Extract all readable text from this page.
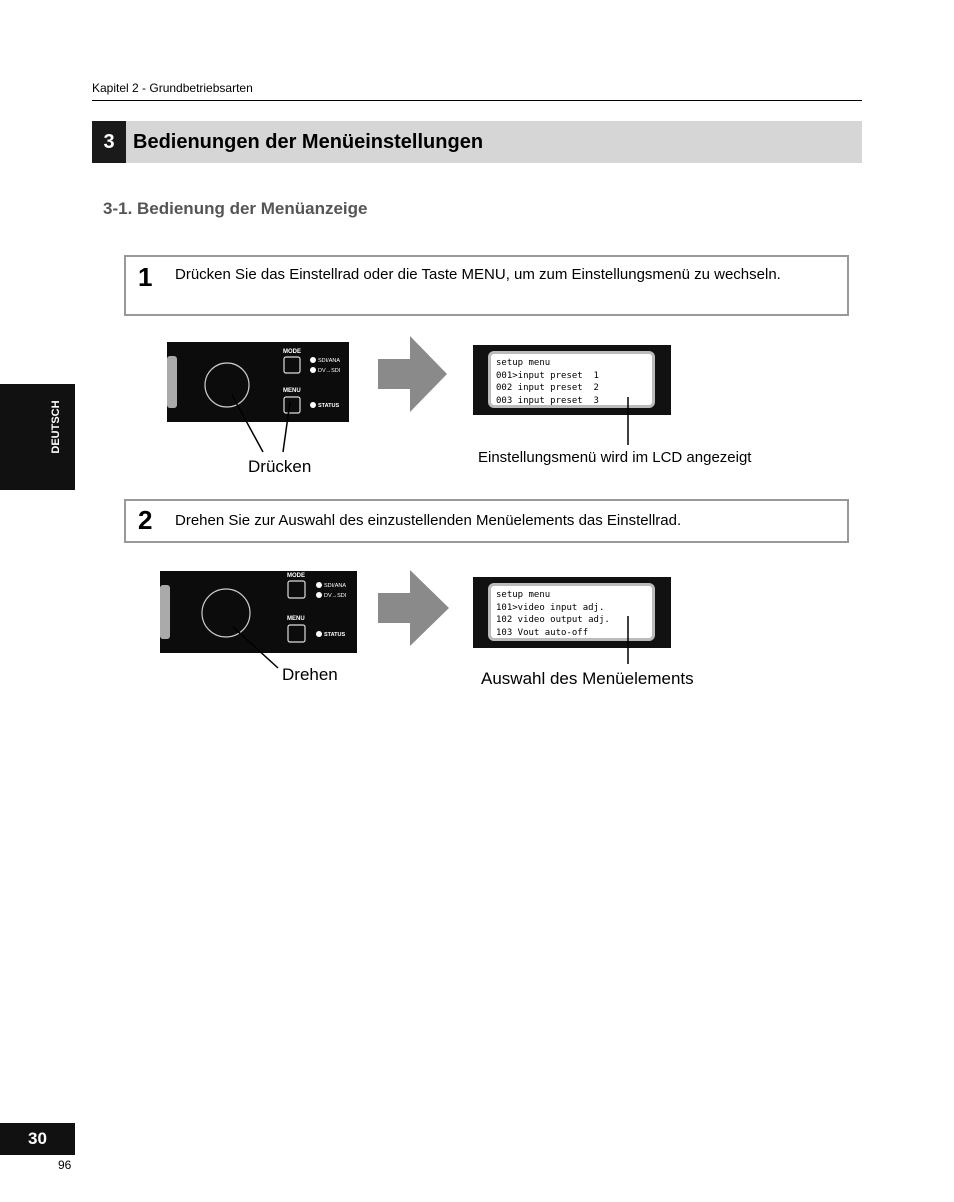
Kapitel 2 - Grundbetriebsarten
3 Bedienungen der Menüeinstellungen
3-1. Bedienung der Menüanzeige
DEUTSCH
1 Drücken Sie das Einstellrad oder die Taste MENU, um zum Einstellungsmenü zu wechseln.
MODE
SDI/ANA
DV→SDI
MENU
STATUS
setup menu
001>input preset  1
002 input preset  2
003 input preset  3
Drücken	Einstellungsmenü wird im LCD angezeigt
2 Drehen Sie zur Auswahl des einzustellenden Menüelements das Einstellrad.
MODE
SDI/ANA
DV→SDI
MENU
STATUS
setup menu
101>video input adj.
102 video output adj.
103 Vout auto-off
Drehen	Auswahl des Menüelements
30
96
